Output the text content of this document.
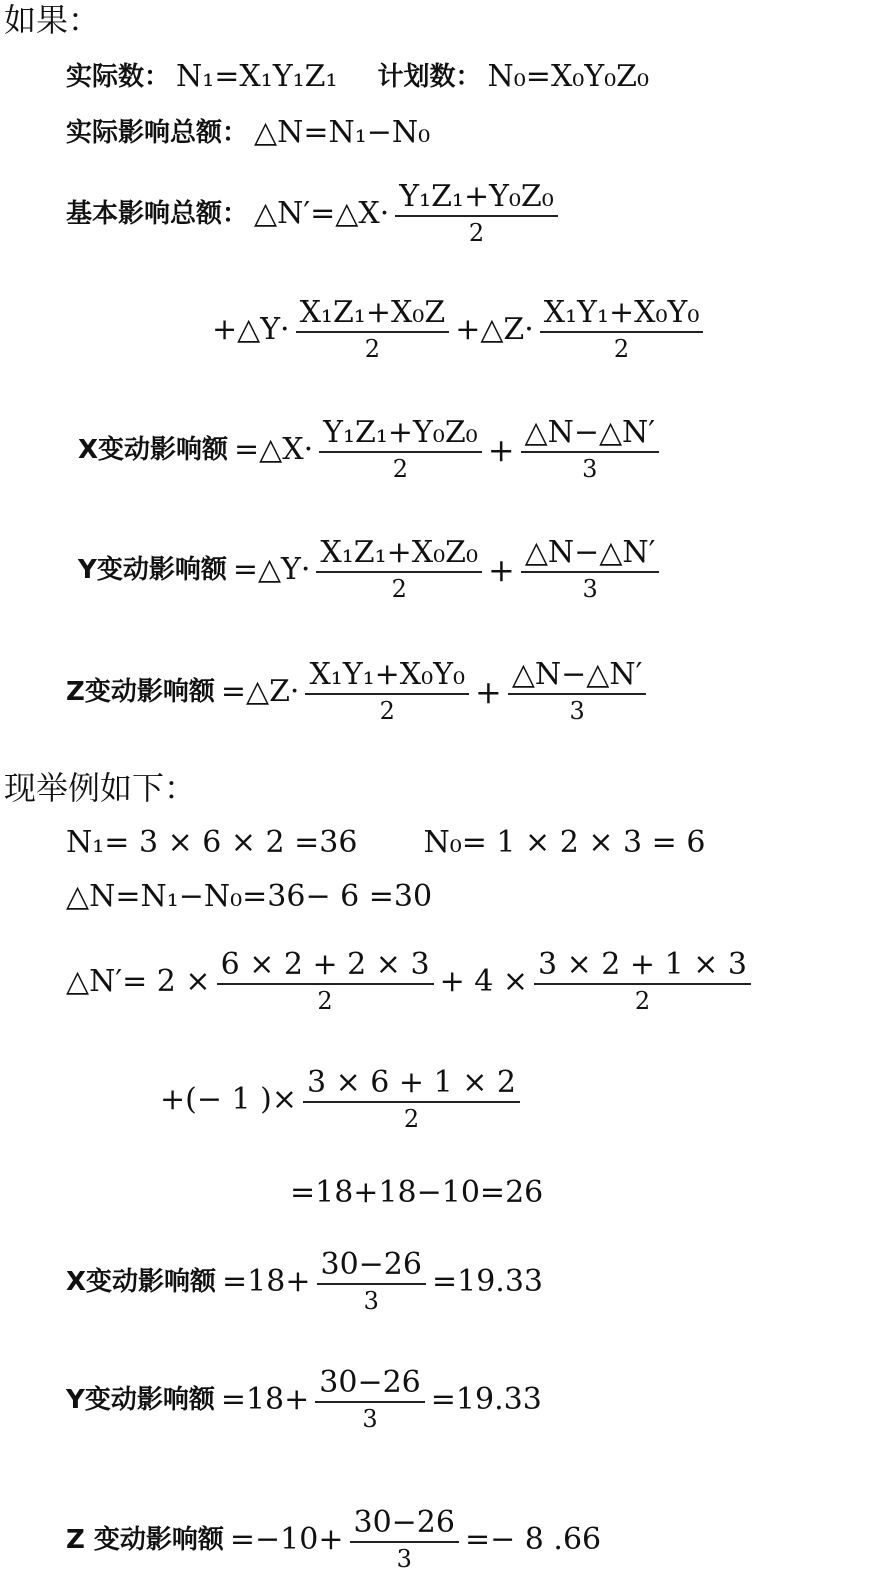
如果：
实际数： N₁=X₁Y₁Z₁ 计划数： N₀=X₀Y₀Z₀
实际影响总额： △N=N₁−N₀
基本影响总额： △N′=△X· $\frac{\text{Y₁Z₁+Y₀Z₀}}{2}$
+△Y· $\frac{\text{X₁Z₁+X₀Z}}{2}$ +△Z· $\frac{\text{X₁Y₁+X₀Y₀}}{2}$
X变动影响额 =△X· $\frac{\text{Y₁Z₁+Y₀Z₀}}{2} + \frac{\triangle N-\triangle N'}{3}$
Y变动影响额 =△Y· $\frac{\text{X₁Z₁+X₀Z₀}}{2} + \frac{\triangle N-\triangle N'}{3}$
Z变动影响额 =△Z· $\frac{\text{X₁Y₁+X₀Y₀}}{2} + \frac{\triangle N-\triangle N'}{3}$
现举例如下：
N₁= 3 × 6 × 2 =36 N₀= 1 × 2 × 3 = 6
△N=N₁−N₀=36− 6 =30
△N′= $2 \times \frac{6 \times 2 + 2 \times 3}{2} + 4 \times \frac{3 \times 2 + 1 \times 3}{2}$
+(− 1 )× $\frac{3 \times 6 + 1 \times 2}{2}$
=18+18−10=26
X变动影响额 $=18+ \frac{30-26}{3} =19.33$
Y变动影响额 $=18+ \frac{30-26}{3} =19.33$
Z 变动影响额 $=-10+ \frac{30-26}{3} =- 8$ .66
